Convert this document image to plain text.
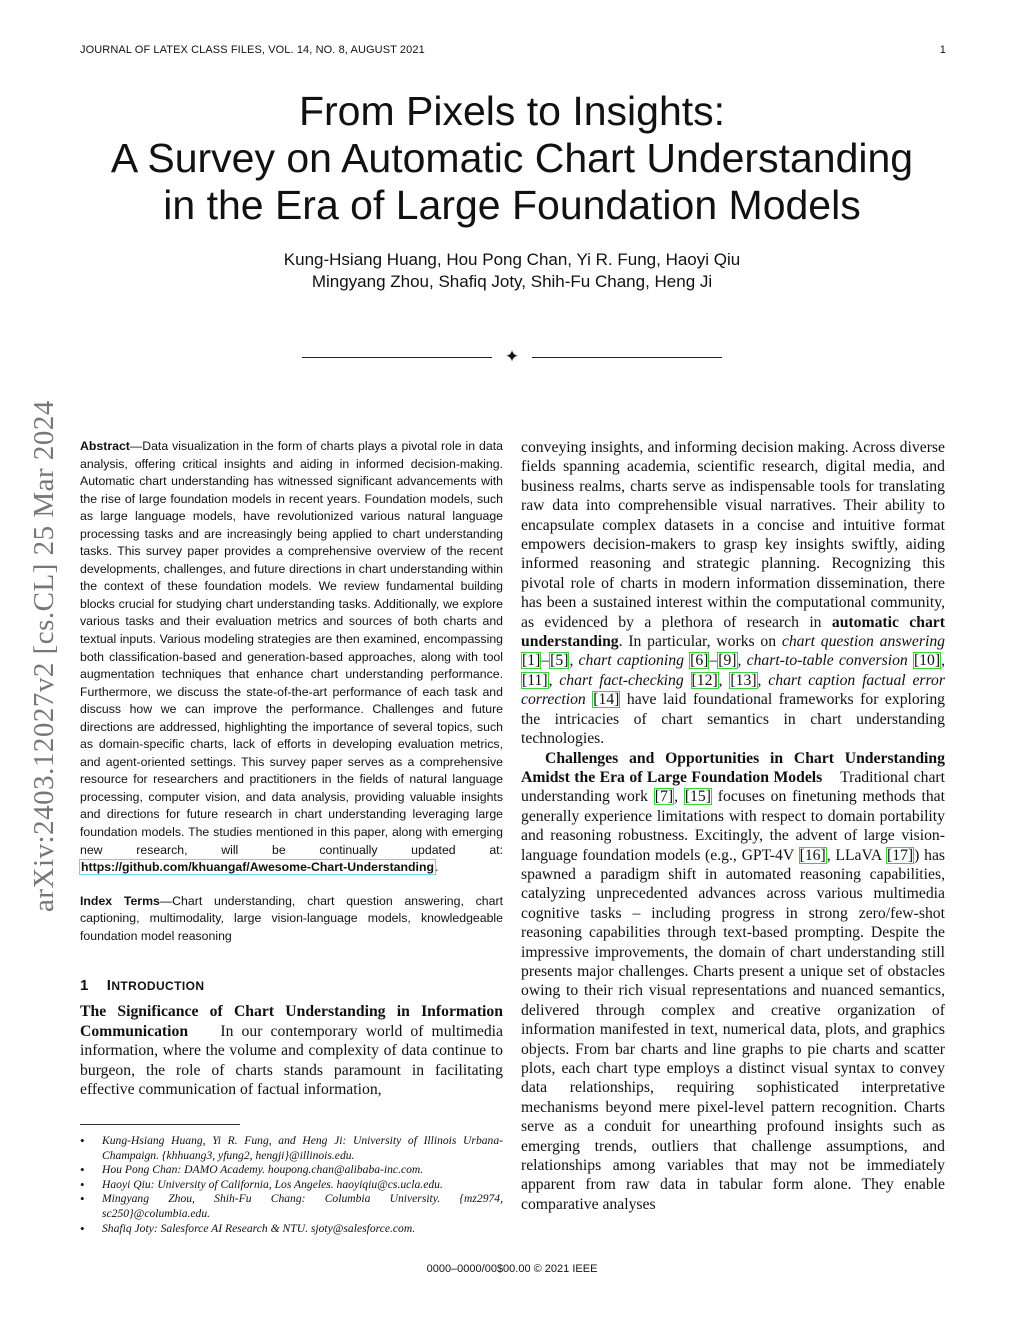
JOURNAL OF LATEX CLASS FILES, VOL. 14, NO. 8, AUGUST 2021	1
From Pixels to Insights:
A Survey on Automatic Chart Understanding
in the Era of Large Foundation Models
Kung-Hsiang Huang, Hou Pong Chan, Yi R. Fung, Haoyi Qiu
Mingyang Zhou, Shafiq Joty, Shih-Fu Chang, Heng Ji
✦
arXiv:2403.12027v2 [cs.CL] 25 Mar 2024 Abstract—Data visualization in the form of charts plays a pivotal role in data analysis, offering critical insights and aiding in informed decision-making. Automatic chart understanding has witnessed significant advancements with the rise of large foundation models in recent years. Foundation models, such as large language models, have revolutionized various natural language processing tasks and are increasingly being applied to chart understanding tasks. This survey paper provides a comprehensive overview of the recent developments, challenges, and future directions in chart understanding within the context of these foundation models. We review fundamental building blocks crucial for studying chart understanding tasks. Additionally, we explore various tasks and their evaluation metrics and sources of both charts and textual inputs. Various modeling strategies are then examined, encompassing both classification-based and generation-based approaches, along with tool augmentation techniques that enhance chart understanding performance. Furthermore, we discuss the state-of-the-art performance of each task and discuss how we can improve the performance. Challenges and future directions are addressed, highlighting the importance of several topics, such as domain-specific charts, lack of efforts in developing evaluation metrics, and agent-oriented settings. This survey paper serves as a comprehensive resource for researchers and practitioners in the fields of natural language processing, computer vision, and data analysis, providing valuable insights and directions for future research in chart understanding leveraging large foundation models. The studies mentioned in this paper, along with emerging new research, will be continually updated at: https://github.com/khuangaf/Awesome-Chart-Understanding.

Index Terms—Chart understanding, chart question answering, chart captioning, multimodality, large vision-language models, knowledgeable foundation model reasoning

1 INTRODUCTION

The Significance of Chart Understanding in Information Communication In our contemporary world of multimedia information, where the volume and complexity of data continue to burgeon, the role of charts stands paramount in facilitating effective communication of factual information,

• Kung-Hsiang Huang, Yi R. Fung, and Heng Ji: University of Illinois Urbana-Champaign. {khhuang3, yfung2, hengji}@illinois.edu.
• Hou Pong Chan: DAMO Academy. houpong.chan@alibaba-inc.com.
• Haoyi Qiu: University of California, Los Angeles. haoyiqiu@cs.ucla.edu.
• Mingyang Zhou, Shih-Fu Chang: Columbia University. {mz2974, sc250}@columbia.edu.
• Shafiq Joty: Salesforce AI Research & NTU. sjoty@salesforce.com.

conveying insights, and informing decision making. Across diverse fields spanning academia, scientific research, digital media, and business realms, charts serve as indispensable tools for translating raw data into comprehensible visual narratives. Their ability to encapsulate complex datasets in a concise and intuitive format empowers decision-makers to grasp key insights swiftly, aiding informed reasoning and strategic planning. Recognizing this pivotal role of charts in modern information dissemination, there has been a sustained interest within the computational community, as evidenced by a plethora of research in automatic chart understanding. In particular, works on chart question answering [1]–[5], chart captioning [6]–[9], chart-to-table conversion [10], [11], chart fact-checking [12], [13], chart caption factual error correction [14] have laid foundational frameworks for exploring the intricacies of chart semantics in chart understanding technologies.

Challenges and Opportunities in Chart Understanding Amidst the Era of Large Foundation Models Traditional chart understanding work [7], [15] focuses on finetuning methods that generally experience limitations with respect to domain portability and reasoning robustness. Excitingly, the advent of large vision-language foundation models (e.g., GPT-4V [16], LLaVA [17]) has spawned a paradigm shift in automated reasoning capabilities, catalyzing unprecedented advances across various multimedia cognitive tasks – including progress in strong zero/few-shot reasoning capabilities through text-based prompting. Despite the impressive improvements, the domain of chart understanding still presents major challenges. Charts present a unique set of obstacles owing to their rich visual representations and nuanced semantics, delivered through complex and creative organization of information manifested in text, numerical data, plots, and graphics objects. From bar charts and line graphs to pie charts and scatter plots, each chart type employs a distinct visual syntax to convey data relationships, requiring sophisticated interpretative mechanisms beyond mere pixel-level pattern recognition. Charts serve as a conduit for unearthing profound insights such as emerging trends, outliers that challenge assumptions, and relationships among variables that may not be immediately apparent from raw data in tabular form alone. They enable comparative analyses

0000–0000/00$00.00 © 2021 IEEE
